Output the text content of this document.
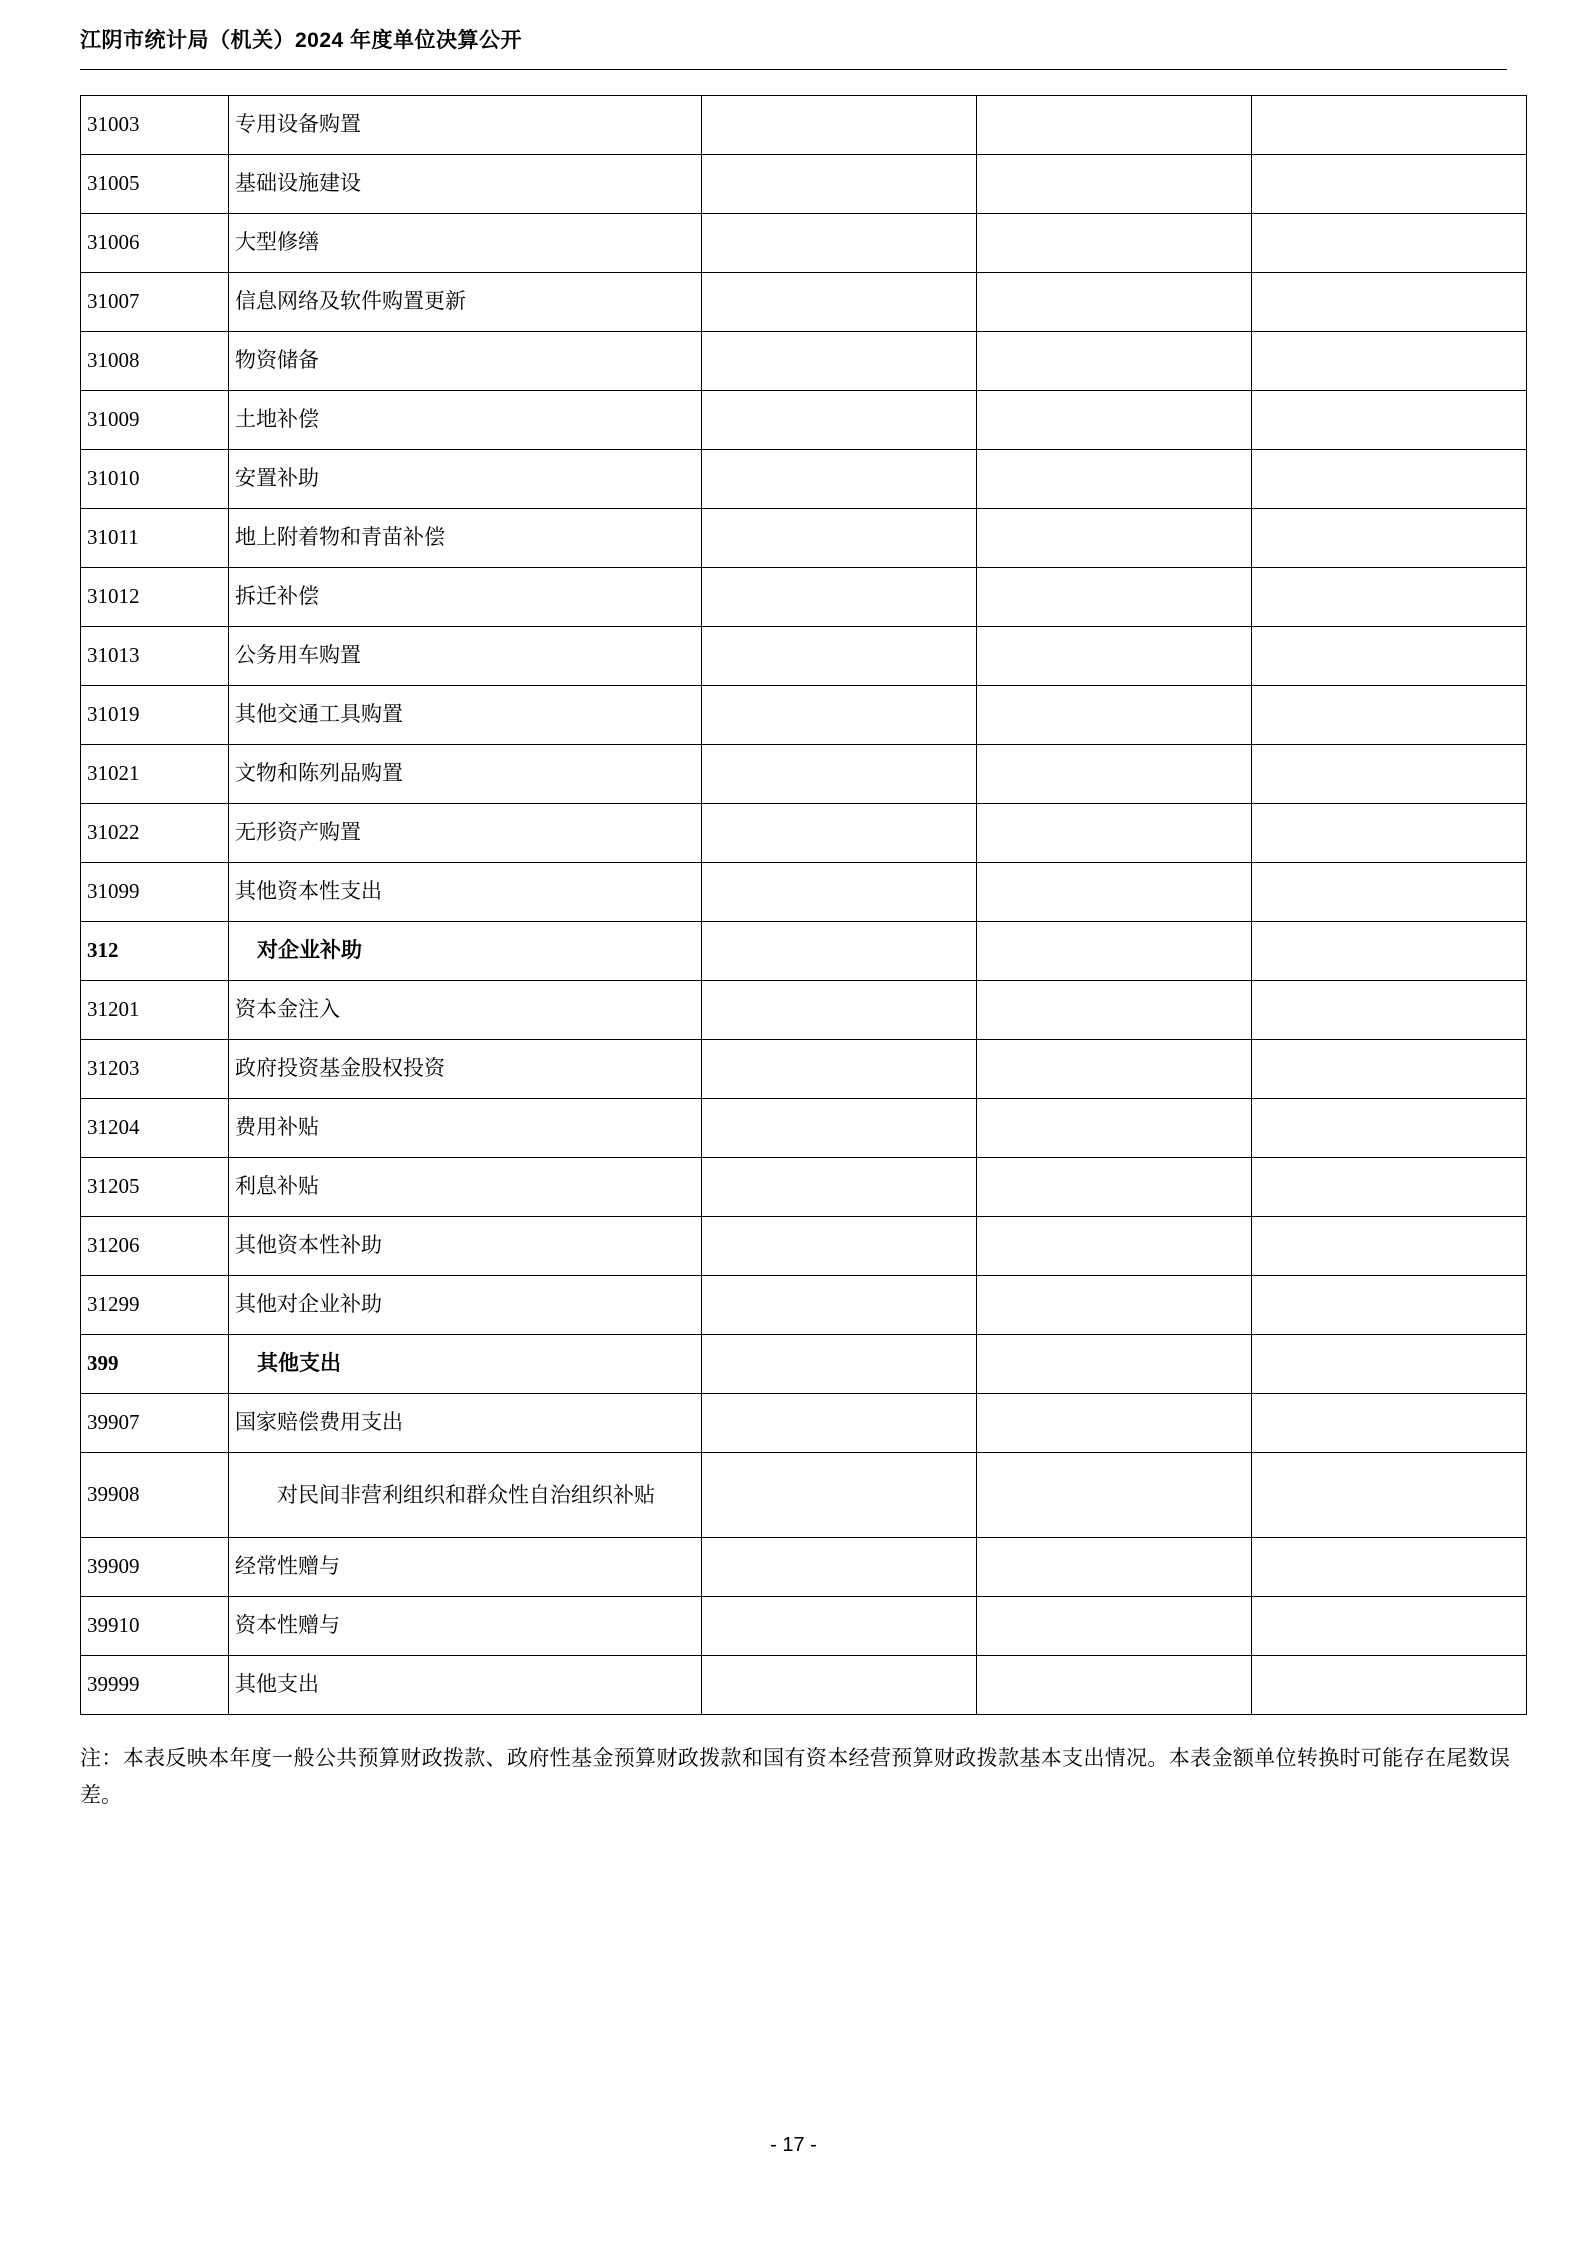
江阴市统计局（机关）2024 年度单位决算公开
31003	专用设备购置			
31005	基础设施建设			
31006	大型修缮			
31007	信息网络及软件购置更新			
31008	物资储备			
31009	土地补偿			
31010	安置补助			
31011	地上附着物和青苗补偿			
31012	拆迁补偿			
31013	公务用车购置			
31019	其他交通工具购置			
31021	文物和陈列品购置			
31022	无形资产购置			
31099	其他资本性支出			
312	对企业补助			
31201	资本金注入			
31203	政府投资基金股权投资			
31204	费用补贴			
31205	利息补贴			
31206	其他资本性补助			
31299	其他对企业补助			
399	其他支出			
39907	国家赔偿费用支出			
39908	对民间非营利组织和群众性自治组织补贴			
39909	经常性赠与			
39910	资本性赠与			
39999	其他支出			
注：本表反映本年度一般公共预算财政拨款、政府性基金预算财政拨款和国有资本经营预算财政拨款基本支出情况。本表金额单位转换时可能存在尾数误差。
- 17 -
